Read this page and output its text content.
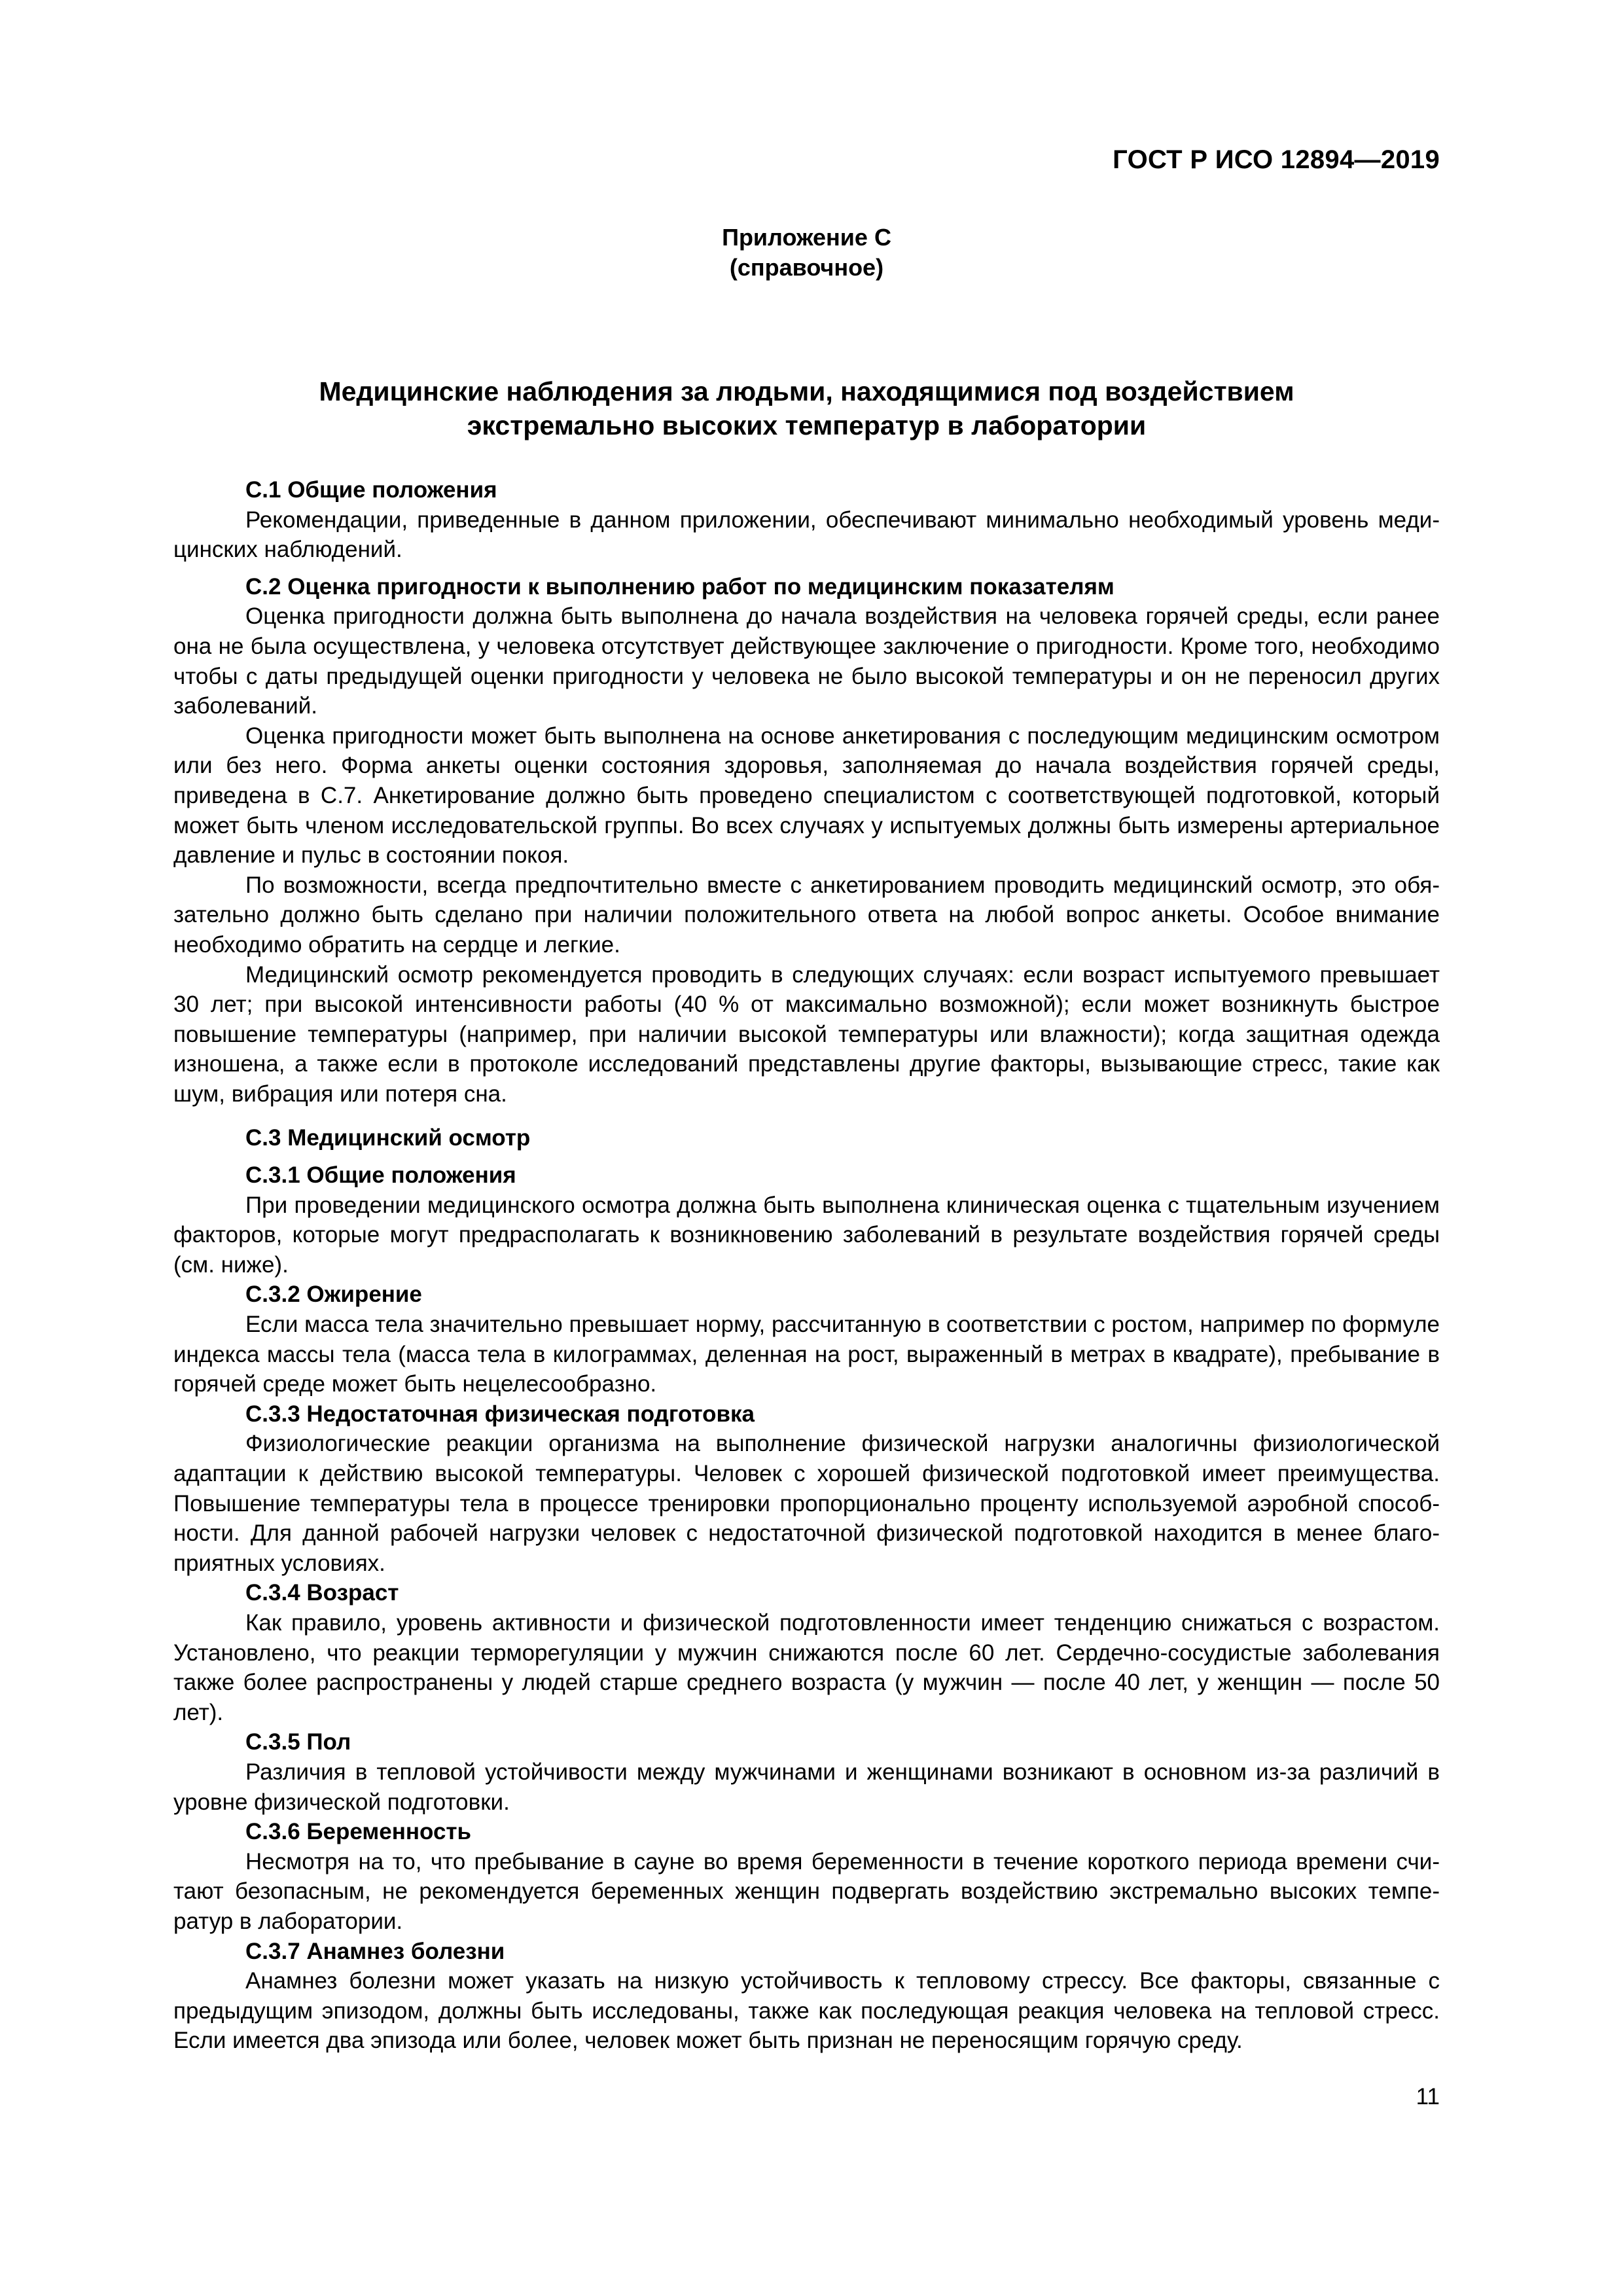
ГОСТ Р ИСО 12894—2019
Приложение С
(справочное)
Медицинские наблюдения за людьми, находящимися под воздействием
экстремально высоких температур в лаборатории

С.1 Общие положения

Рекомендации, приведенные в данном приложении, обеспечивают минимально необходимый уровень медицинских наблюдений.

С.2 Оценка пригодности к выполнению работ по медицинским показателям

Оценка пригодности должна быть выполнена до начала воздействия на человека горячей среды, если ранее она не была осуществлена, у человека отсутствует действующее заключение о пригодности. Кроме того, необходимо чтобы с даты предыдущей оценки пригодности у человека не было высокой температуры и он не переносил других заболеваний.

Оценка пригодности может быть выполнена на основе анкетирования с последующим медицинским осмотром или без него. Форма анкеты оценки состояния здоровья, заполняемая до начала воздействия горячей среды, приведена в С.7. Анкетирование должно быть проведено специалистом с соответствующей подготовкой, который может быть членом исследовательской группы. Во всех случаях у испытуемых должны быть измерены артериальное давление и пульс в состоянии покоя.

По возможности, всегда предпочтительно вместе с анкетированием проводить медицинский осмотр, это обязательно должно быть сделано при наличии положительного ответа на любой вопрос анкеты. Особое внимание необходимо обратить на сердце и легкие.

Медицинский осмотр рекомендуется проводить в следующих случаях: если возраст испытуемого превышает 30 лет; при высокой интенсивности работы (40 % от максимально возможной); если может возникнуть быстрое повышение температуры (например, при наличии высокой температуры или влажности); когда защитная одежда изношена, а также если в протоколе исследований представлены другие факторы, вызывающие стресс, такие как шум, вибрация или потеря сна.

С.3 Медицинский осмотр

С.3.1 Общие положения

При проведении медицинского осмотра должна быть выполнена клиническая оценка с тщательным изучением факторов, которые могут предрасполагать к возникновению заболеваний в результате воздействия горячей среды (см. ниже).

С.3.2 Ожирение

Если масса тела значительно превышает норму, рассчитанную в соответствии с ростом, например по формуле индекса массы тела (масса тела в килограммах, деленная на рост, выраженный в метрах в квадрате), пребывание в горячей среде может быть нецелесообразно.

С.3.3 Недостаточная физическая подготовка

Физиологические реакции организма на выполнение физической нагрузки аналогичны физиологической адаптации к действию высокой температуры. Человек с хорошей физической подготовкой имеет преимущества. Повышение температуры тела в процессе тренировки пропорционально проценту используемой аэробной способности. Для данной рабочей нагрузки человек с недостаточной физической подготовкой находится в менее благоприятных условиях.

С.3.4 Возраст

Как правило, уровень активности и физической подготовленности имеет тенденцию снижаться с возрастом. Установлено, что реакции терморегуляции у мужчин снижаются после 60 лет. Сердечно-сосудистые заболевания также более распространены у людей старше среднего возраста (у мужчин — после 40 лет, у женщин — после 50 лет).

С.3.5 Пол

Различия в тепловой устойчивости между мужчинами и женщинами возникают в основном из-за различий в уровне физической подготовки.

С.3.6 Беременность

Несмотря на то, что пребывание в сауне во время беременности в течение короткого периода времени считают безопасным, не рекомендуется беременных женщин подвергать воздействию экстремально высоких температур в лаборатории.

С.3.7 Анамнез болезни

Анамнез болезни может указать на низкую устойчивость к тепловому стрессу. Все факторы, связанные с предыдущим эпизодом, должны быть исследованы, также как последующая реакция человека на тепловой стресс. Если имеется два эпизода или более, человек может быть признан не переносящим горячую среду.

11
